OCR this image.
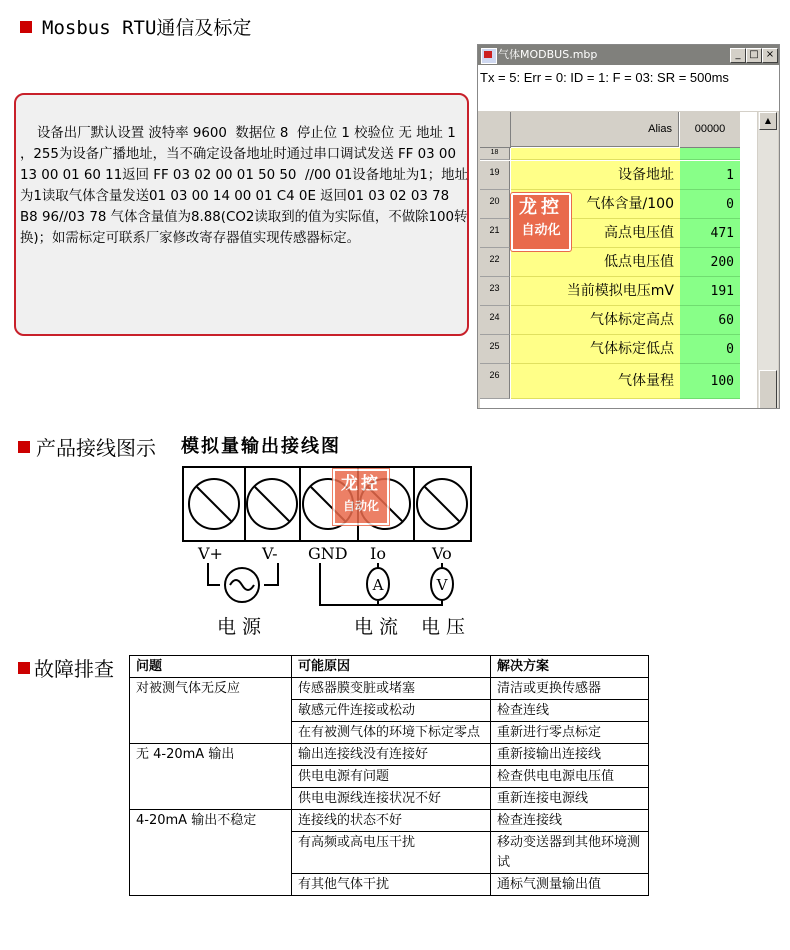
Mosbus RTU通信及标定
设备出厂默认设置 波特率 9600  数据位 8  停止位 1 校验位 无 地址 1 ，255为设备广播地址，当不确定设备地址时通过串口调试发送 FF 03 00 13 00 01 60 11返回 FF 03 02 00 01 50 50  //00 01设备地址为1；地址为1读取气体含量发送01 03 00 14 00 01 C4 0E 返回01 03 02 03 78 B8 96//03 78 气体含量值为8.88(CO2读取到的值为实际值，不做除100转换)；如需标定可联系厂家修改寄存器值实现传感器标定。
气体MODBUS.mbp	_ □ ×
Tx = 5: Err = 0: ID = 1: F = 03: SR = 500ms
Alias	00000
18
19	设备地址	1
20	气体含量/100	0
21	高点电压值	471
22	低点电压值	200
23	当前模拟电压mV	191
24	气体标定高点	60
25	气体标定低点	0
26	气体量程	100
▲
龙控
自动化
产品接线图示 模拟量输出接线图
A	V
V+ V- GND Io	Vo
电 源	电 流 电 压
龙控
自动化
故障排查 问题	可能原因	解决方案
对被测气体无反应	传感器膜变脏或堵塞	清洁或更换传感器
	敏感元件连接或松动	检查连线
	在有被测气体的环境下标定零点	重新进行零点标定
无 4-20mA 输出	输出连接线没有连接好	重新接输出连接线
	供电电源有问题	检查供电电源电压值
	供电电源线连接状况不好	重新连接电源线
4-20mA 输出不稳定	连接线的状态不好	检查连接线
	有高频或高电压干扰	移动变送器到其他环境测试
	有其他气体干扰	通标气测量输出值
